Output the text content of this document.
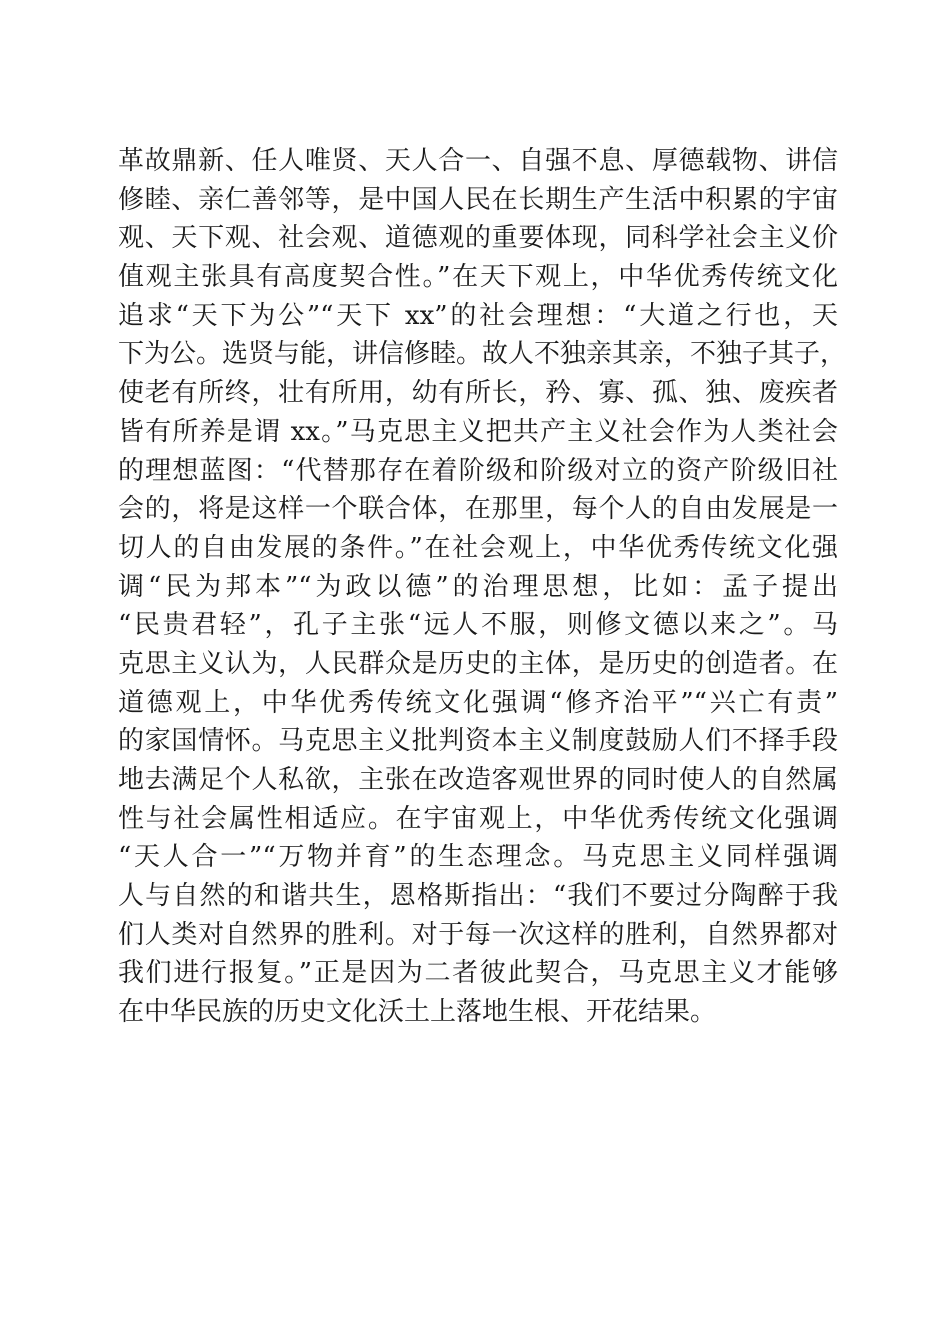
革故鼎新、任人唯贤、天人合一、自强不息、厚德载物、讲信
修睦、亲仁善邻等，是中国人民在长期生产生活中积累的宇宙
观、天下观、社会观、道德观的重要体现，同科学社会主义价
值观主张具有高度契合性。”在天下观上，中华优秀传统文化
追求“天下为公”“天下 xx”的社会理想：“大道之行也，天
下为公。选贤与能，讲信修睦。故人不独亲其亲，不独子其子，
使老有所终，壮有所用，幼有所长，矜、寡、孤、独、废疾者
皆有所养是谓 xx。”马克思主义把共产主义社会作为人类社会
的理想蓝图：“代替那存在着阶级和阶级对立的资产阶级旧社
会的，将是这样一个联合体，在那里，每个人的自由发展是一
切人的自由发展的条件。”在社会观上，中华优秀传统文化强
调“民为邦本”“为政以德”的治理思想，比如：孟子提出
“民贵君轻”，孔子主张“远人不服，则修文德以来之”。马
克思主义认为，人民群众是历史的主体，是历史的创造者。在
道德观上，中华优秀传统文化强调“修齐治平”“兴亡有责”
的家国情怀。马克思主义批判资本主义制度鼓励人们不择手段
地去满足个人私欲，主张在改造客观世界的同时使人的自然属
性与社会属性相适应。在宇宙观上，中华优秀传统文化强调
“天人合一”“万物并育”的生态理念。马克思主义同样强调
人与自然的和谐共生，恩格斯指出：“我们不要过分陶醉于我
们人类对自然界的胜利。对于每一次这样的胜利，自然界都对
我们进行报复。”正是因为二者彼此契合，马克思主义才能够
在中华民族的历史文化沃土上落地生根、开花结果。
